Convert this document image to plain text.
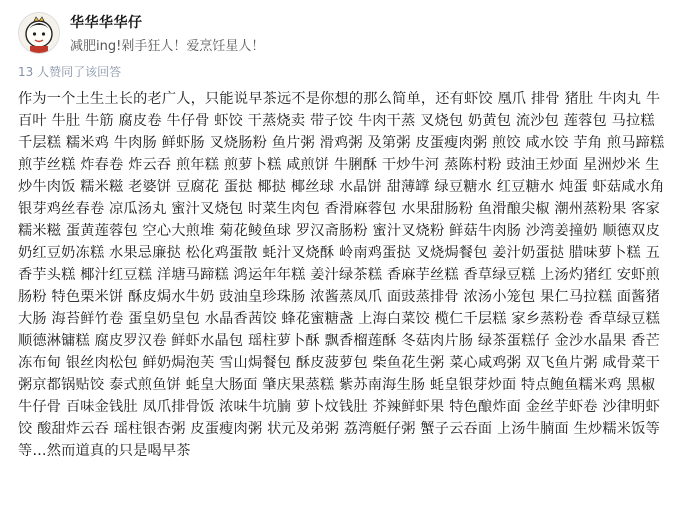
华华华华仔
减肥ing!剁手狂人！爱烹饪星人！
13 人赞同了该回答
作为一个土生土长的老广人，只能说早茶远不是你想的那么简单，还有虾饺 凰爪 排骨 猪肚 牛肉丸 牛百叶 牛肚 牛筋 腐皮卷 牛仔骨 虾饺 干蒸烧卖 带子饺 牛肉干蒸 叉烧包 奶黄包 流沙包 莲蓉包 马拉糕 千层糕 糯米鸡 牛肉肠 鲜虾肠 叉烧肠粉 鱼片粥 滑鸡粥 及第粥 皮蛋瘦肉粥 煎饺 咸水饺 芋角 煎马蹄糕 煎芋丝糕 炸春卷 炸云吞 煎年糕 煎萝卜糕 咸煎饼 牛脷酥 干炒牛河 蒸陈村粉 豉油王炒面 星洲炒米 生炒牛肉饭 糯米糍 老婆饼 豆腐花 蛋挞 椰挞 椰丝球 水晶饼 甜薄罉 绿豆糖水 红豆糖水 炖蛋 虾菇咸水角 银芽鸡丝春卷 凉瓜汤丸 蜜汁叉烧包 时菜生肉包 香滑麻蓉包 水果甜肠粉 鱼滑酿尖椒 潮州蒸粉果 客家糯米糍 蛋黄莲蓉包 空心大煎堆 菊花鲮鱼球 罗汉斋肠粉 蜜汁叉烧粉 鲜菇牛肉肠 沙湾姜撞奶 顺德双皮奶红豆奶冻糕 水果忌廉挞 松化鸡蛋散 蚝汁叉烧酥 岭南鸡蛋挞 叉烧焗餐包 姜汁奶蛋挞 腊味萝卜糕 五香芋头糕 椰汁红豆糕 洋塘马蹄糕 鸿运年年糕 姜汁绿茶糕 香麻芋丝糕 香草绿豆糕 上汤灼猪红 安虾煎肠粉 特色栗米饼 酥皮焗水牛奶 豉油皇珍珠肠 浓酱蒸凤爪 面豉蒸排骨 浓汤小笼包 果仁马拉糕 面酱猪大肠 海苔鲜竹卷 蛋皇奶皇包 水晶香茜饺 蜂花蜜糖盏 上海白菜饺 榄仁千层糕 家乡蒸粉卷 香草绿豆糕 顺德淋镛糕 腐皮罗汉卷 鲜虾水晶包 瑶柱萝卜酥 飘香榴莲酥 冬菇肉片肠 绿茶蛋糕仔 金沙水晶果 香芒冻布甸 银丝肉松包 鲜奶焗泡芙 雪山焗餐包 酥皮菠萝包 柴鱼花生粥 菜心咸鸡粥 双飞鱼片粥 咸骨菜干粥京都锅贴饺 泰式煎鱼饼 蚝皇大肠面 肇庆果蒸糕 紫苏南海生肠 蚝皇银芽炒面 特点鲍鱼糯米鸡 黑椒牛仔骨 百味金钱肚 凤爪排骨饭 浓味牛坑腩 萝卜炆钱肚 芥辣鲜虾果 特色酿炸面 金丝芋虾卷 沙律明虾饺 酸甜炸云吞 瑶柱银杏粥 皮蛋瘦肉粥 状元及弟粥 荔湾艇仔粥 蟹子云吞面 上汤牛腩面 生炒糯米饭等等…然而道真的只是喝早茶
